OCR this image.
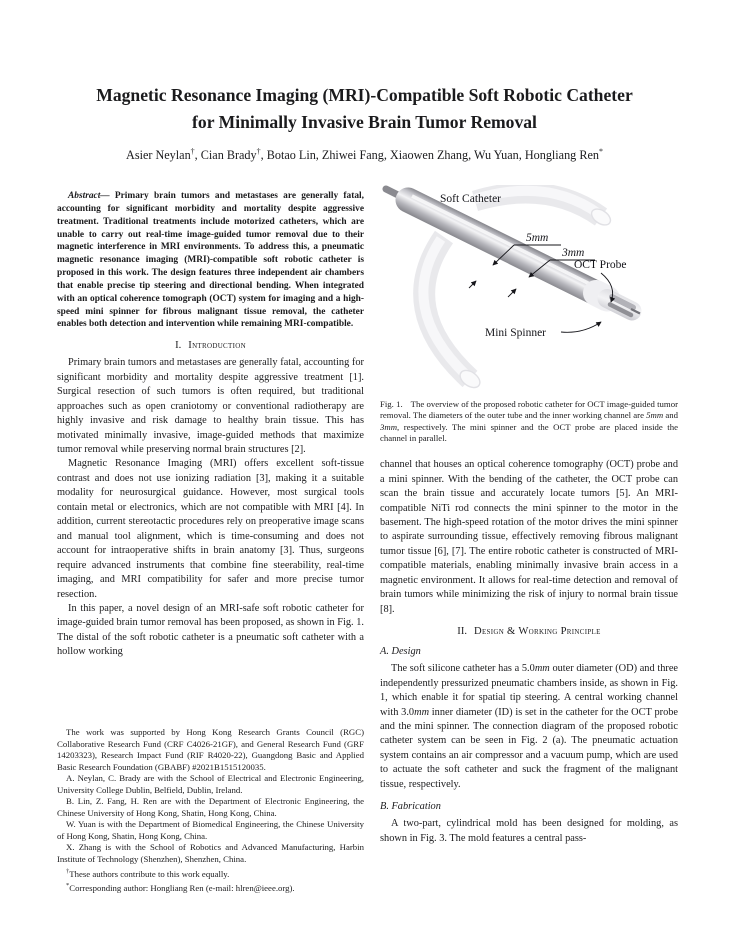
Magnetic Resonance Imaging (MRI)-Compatible Soft Robotic Catheter
for Minimally Invasive Brain Tumor Removal
Asier Neylan†, Cian Brady†, Botao Lin, Zhiwei Fang, Xiaowen Zhang, Wu Yuan, Hongliang Ren*

Abstract— Primary brain tumors and metastases are generally fatal, accounting for significant morbidity and mortality despite aggressive treatment. Traditional treatments include motorized catheters, which are unable to carry out real-time image-guided tumor removal due to their magnetic interference in MRI environments. To address this, a pneumatic magnetic resonance imaging (MRI)-compatible soft robotic catheter is proposed in this work. The design features three independent air chambers that enable precise tip steering and directional bending. When integrated with an optical coherence tomograph (OCT) system for imaging and a high-speed mini spinner for fibrous malignant tissue removal, the catheter enables both detection and intervention while remaining MRI-compatible.

I. Introduction

Primary brain tumors and metastases are generally fatal, accounting for significant morbidity and mortality despite aggressive treatment [1]. Surgical resection of such tumors is often required, but traditional approaches such as open craniotomy or conventional radiotherapy are highly invasive and risk damage to healthy brain tissue. This has motivated minimally invasive, image-guided methods that maximize tumor removal while preserving normal brain structures [2].

Magnetic Resonance Imaging (MRI) offers excellent soft-tissue contrast and does not use ionizing radiation [3], making it a suitable modality for neurosurgical guidance. However, most surgical tools contain metal or electronics, which are not compatible with MRI [4]. In addition, current stereotactic procedures rely on preoperative image scans and manual tool alignment, which is time-consuming and does not account for intraoperative shifts in brain anatomy [3]. Thus, surgeons require advanced instruments that combine fine steerability, real-time imaging, and MRI compatibility for safer and more precise tumor resection.

In this paper, a novel design of an MRI-safe soft robotic catheter for image-guided brain tumor removal has been proposed, as shown in Fig. 1. The distal of the soft robotic catheter is a pneumatic soft catheter with a hollow working

The work was supported by Hong Kong Research Grants Council (RGC) Collaborative Research Fund (CRF C4026-21GF), and General Research Fund (GRF 14203323), Research Impact Fund (RIF R4020-22), Guangdong Basic and Applied Basic Research Foundation (GBABF) #2021B1515120035.

A. Neylan, C. Brady are with the School of Electrical and Electronic Engineering, University College Dublin, Belfield, Dublin, Ireland.

B. Lin, Z. Fang, H. Ren are with the Department of Electronic Engineering, the Chinese University of Hong Kong, Shatin, Hong Kong, China.

W. Yuan is with the Department of Biomedical Engineering, the Chinese University of Hong Kong, Shatin, Hong Kong, China.

X. Zhang is with the School of Robotics and Advanced Manufacturing, Harbin Institute of Technology (Shenzhen), Shenzhen, China.

†These authors contribute to this work equally.

*Corresponding author: Hongliang Ren (e-mail: hlren@ieee.org).

Soft Catheter
5mm
3mm
OCT Probe
Mini Spinner
Fig. 1. The overview of the proposed robotic catheter for OCT image-guided tumor removal. The diameters of the outer tube and the inner working channel are 5mm and 3mm, respectively. The mini spinner and the OCT probe are placed inside the channel in parallel.

channel that houses an optical coherence tomography (OCT) probe and a mini spinner. With the bending of the catheter, the OCT probe can scan the brain tissue and accurately locate tumors [5]. An MRI-compatible NiTi rod connects the mini spinner to the motor in the basement. The high-speed rotation of the motor drives the mini spinner to aspirate surrounding tissue, effectively removing fibrous malignant tumor tissue [6], [7]. The entire robotic catheter is constructed of MRI-compatible materials, enabling minimally invasive brain access in a magnetic environment. It allows for real-time detection and removal of brain tumors while minimizing the risk of injury to normal brain tissue [8].

II. Design & Working Principle
A. Design

The soft silicone catheter has a 5.0mm outer diameter (OD) and three independently pressurized pneumatic chambers inside, as shown in Fig. 1, which enable it for spatial tip steering. A central working channel with 3.0mm inner diameter (ID) is set in the catheter for the OCT probe and the mini spinner. The connection diagram of the proposed robotic catheter system can be seen in Fig. 2 (a). The pneumatic actuation system contains an air compressor and a vacuum pump, which are used to actuate the soft catheter and suck the fragment of the malignant tissue, respectively.

B. Fabrication

A two-part, cylindrical mold has been designed for molding, as shown in Fig. 3. The mold features a central pass-
